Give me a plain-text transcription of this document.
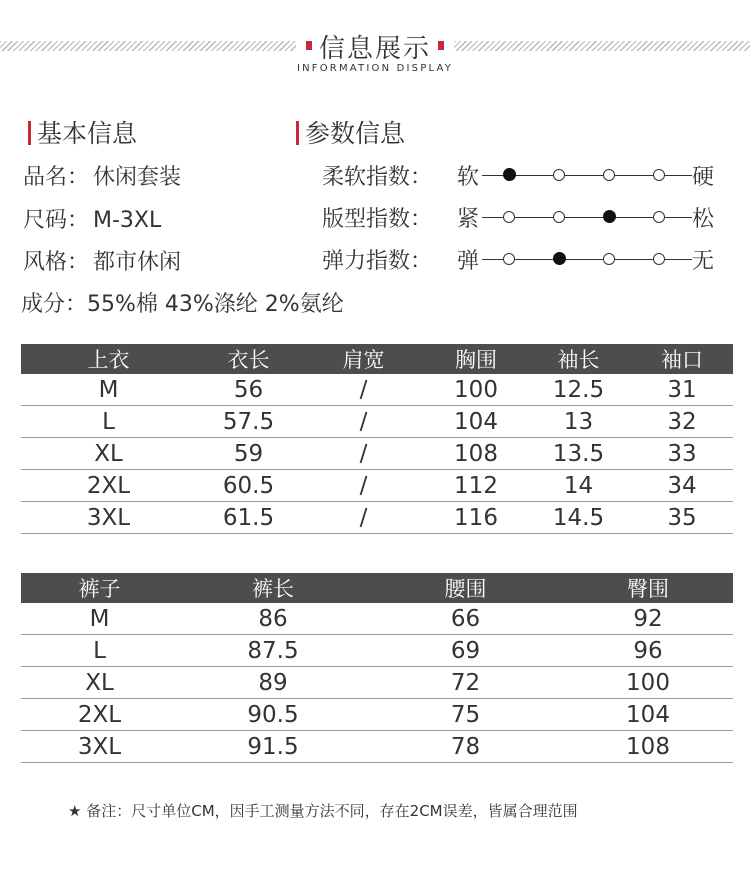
信息展示
INFORMATION DISPLAY
基本信息	参数信息
品名： 休闲套装
尺码： M-3XL
风格： 都市休闲
成分：55%棉 43%涤纶 2%氨纶
柔软指数： 软	硬
版型指数： 紧	松
弹力指数： 弹	无
上衣	衣长	肩宽	胸围	袖长	袖口
M	56	/	100	12.5	31
L	57.5	/	104	13	32
XL	59	/	108	13.5	33
2XL	60.5	/	112	14	34
3XL	61.5	/	116	14.5	35
裤子	裤长	腰围	臀围
M	86	66	92
L	87.5	69	96
XL	89	72	100
2XL	90.5	75	104
3XL	91.5	78	108
★ 备注：尺寸单位CM，因手工测量方法不同，存在2CM误差，皆属合理范围
